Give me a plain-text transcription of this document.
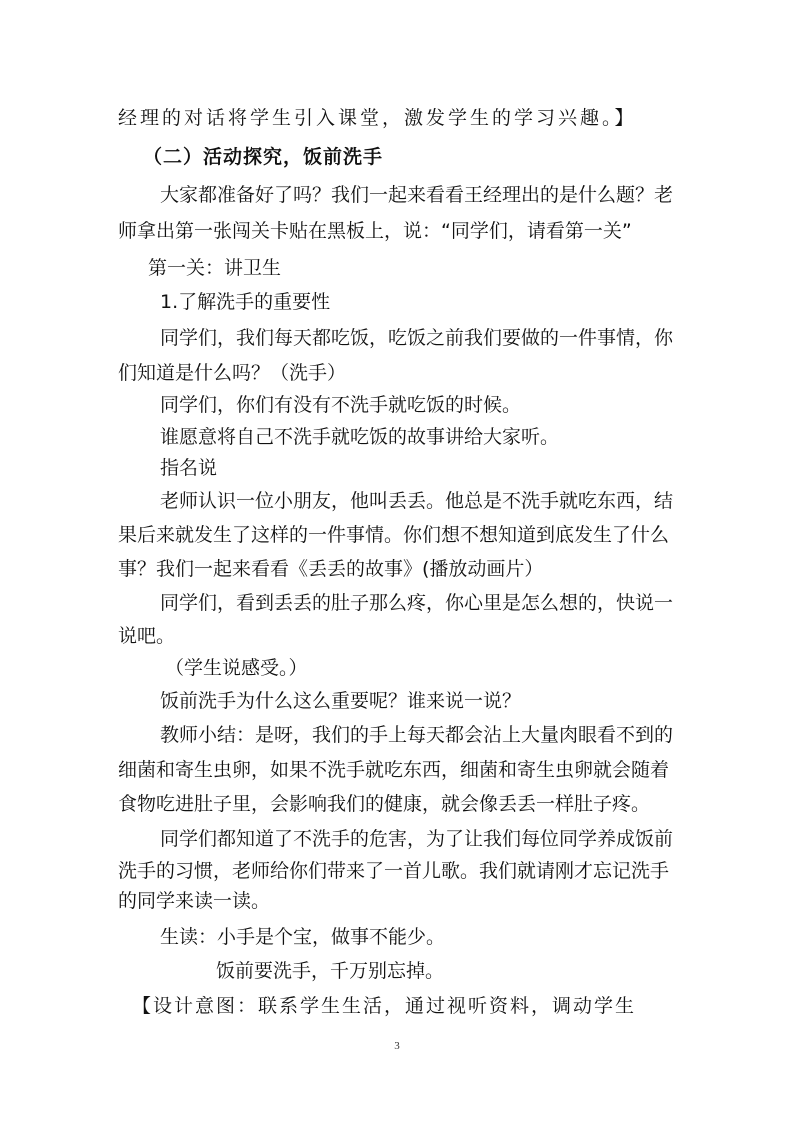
经理的对话将学生引入课堂，激发学生的学习兴趣。】
（二）活动探究，饭前洗手
大家都准备好了吗？我们一起来看看王经理出的是什么题？老
师拿出第一张闯关卡贴在黑板上，说：“同学们，请看第一关”
第一关：讲卫生
1.了解洗手的重要性
同学们，我们每天都吃饭，吃饭之前我们要做的一件事情，你
们知道是什么吗？（洗手）
同学们，你们有没有不洗手就吃饭的时候。
谁愿意将自己不洗手就吃饭的故事讲给大家听。
指名说
老师认识一位小朋友，他叫丢丢。他总是不洗手就吃东西，结
果后来就发生了这样的一件事情。你们想不想知道到底发生了什么
事？我们一起来看看《丢丢的故事》(播放动画片）
同学们，看到丢丢的肚子那么疼，你心里是怎么想的，快说一
说吧。
（学生说感受。）
饭前洗手为什么这么重要呢？谁来说一说？
教师小结：是呀，我们的手上每天都会沾上大量肉眼看不到的
细菌和寄生虫卵，如果不洗手就吃东西，细菌和寄生虫卵就会随着
食物吃进肚子里，会影响我们的健康，就会像丢丢一样肚子疼。
同学们都知道了不洗手的危害，为了让我们每位同学养成饭前
洗手的习惯，老师给你们带来了一首儿歌。我们就请刚才忘记洗手
的同学来读一读。
生读：小手是个宝，做事不能少。
饭前要洗手，千万别忘掉。
3
【设计意图：联系学生生活，通过视听资料，调动学生
